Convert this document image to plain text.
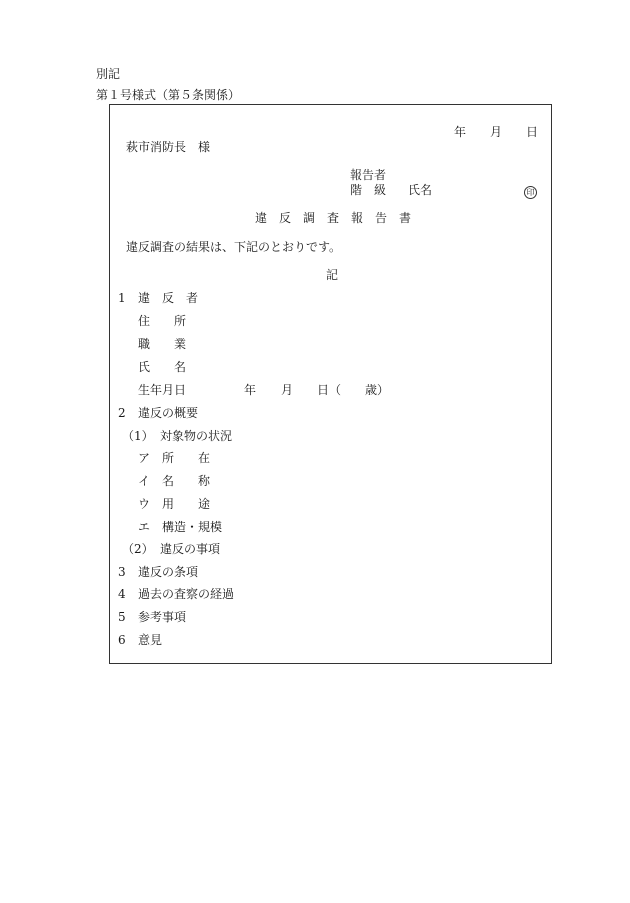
別記
第１号様式（第５条関係）
年 月 日
萩市消防長　様
報告者
階　級 氏名	印
違　反　調　査　報　告　書
違反調査の結果は、下記のとおりです。
記
1 違　反　者
住　　所
職　　業
氏　　名
生年月日	年 月 日（　　歳）
2 違反の概要
（1） 対象物の状況
ア 所　　在
イ 名　　称
ウ 用　　途
エ 構造・規模
（2） 違反の事項
3 違反の条項
4 過去の査察の経過
5 参考事項
6 意見
